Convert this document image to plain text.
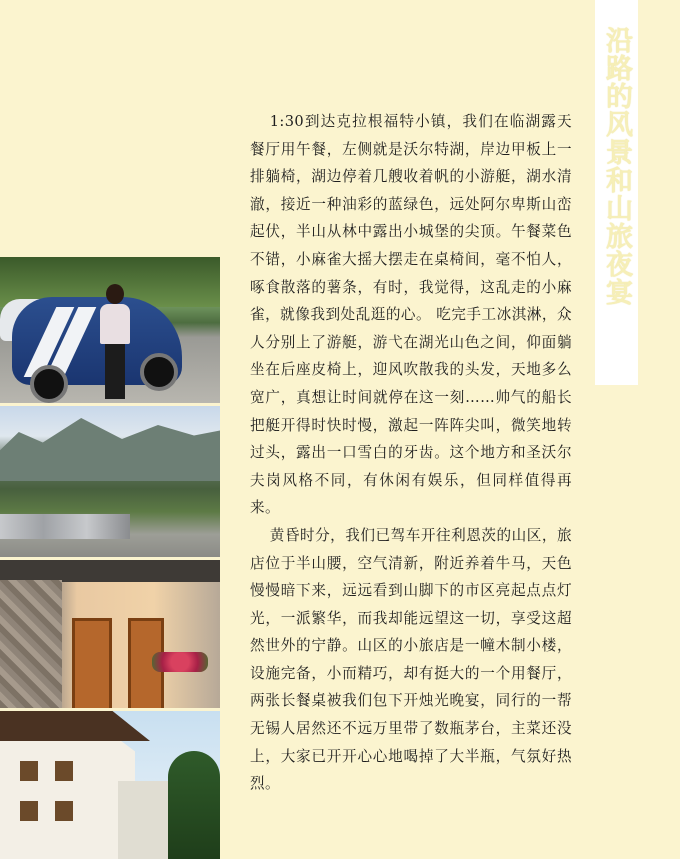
1:30到达克拉根福特小镇，我们在临湖露天餐厅用午餐，左侧就是沃尔特湖，岸边甲板上一排躺椅，湖边停着几艘收着帆的小游艇，湖水清澈，接近一种油彩的蓝绿色，远处阿尔卑斯山峦起伏，半山从林中露出小城堡的尖顶。午餐菜色不错，小麻雀大摇大摆走在桌椅间，毫不怕人，啄食散落的薯条，有时，我觉得，这乱走的小麻雀，就像我到处乱逛的心。 吃完手工冰淇淋，众人分别上了游艇，游弋在湖光山色之间，仰面躺坐在后座皮椅上，迎风吹散我的头发，天地多么宽广，真想让时间就停在这一刻……帅气的船长把艇开得时快时慢，激起一阵阵尖叫，微笑地转过头，露出一口雪白的牙齿。这个地方和圣沃尔夫岗风格不同，有休闲有娱乐，但同样值得再来。

黄昏时分，我们已驾车开往利恩茨的山区，旅店位于半山腰，空气清新，附近养着牛马，天色慢慢暗下来，远远看到山脚下的市区亮起点点灯光，一派繁华，而我却能远望这一切，享受这超然世外的宁静。山区的小旅店是一幢木制小楼，设施完备，小而精巧，却有挺大的一个用餐厅，两张长餐桌被我们包下开烛光晚宴，同行的一帮无锡人居然还不远万里带了数瓶茅台，主菜还没上，大家已开开心心地喝掉了大半瓶，气氛好热烈。

沿路的风景和山旅夜宴
